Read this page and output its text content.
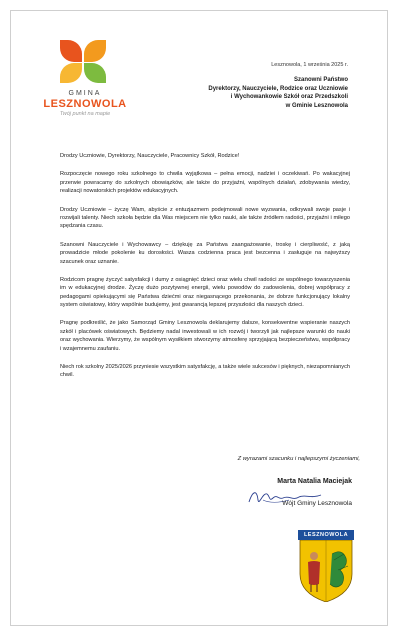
GMINA
LESZNOWOLA
Twój punkt na mapie
Lesznowola, 1 września 2025 r.
Szanowni Państwo
Dyrektorzy, Nauczyciele, Rodzice oraz Uczniowie
i Wychowankowie Szkół oraz Przedszkoli
w Gminie Lesznowola
Drodzy Uczniowie, Dyrektorzy, Nauczyciele, Pracownicy Szkół, Rodzice!

Rozpoczęcie nowego roku szkolnego to chwila wyjątkowa – pełna emocji, nadziei i oczekiwań. Po wakacyjnej przerwie powracamy do szkolnych obowiązków, ale także do przyjaźni, wspólnych działań, zdobywania wiedzy, realizacji nowatorskich projektów edukacyjnych.

Drodzy Uczniowie – życzę Wam, abyście z entuzjazmem podejmowali nowe wyzwania, odkrywali swoje pasje i rozwijali talenty. Niech szkoła będzie dla Was miejscem nie tylko nauki, ale także źródłem radości, przyjaźni i miłego spędzania czasu.

Szanowni Nauczyciele i Wychowawcy – dziękuję za Państwa zaangażowanie, troskę i cierpliwość, z jaką prowadzicie młode pokolenie ku dorosłości. Wasza codzienna praca jest bezcenna i zasługuje na najwyższy szacunek oraz uznanie.

Rodzicom pragnę życzyć satysfakcji i dumy z osiągnięć dzieci oraz wielu chwil radości ze wspólnego towarzyszenia im w edukacyjnej drodze. Życzę dużo pozytywnej energii, wielu powodów do zadowolenia, dobrej współpracy z pedagogami opiekującymi się Państwa dziećmi oraz niegasnącego przekonania, że dobrze funkcjonujący lokalny system oświatowy, który wspólnie budujemy, jest gwarancją lepszej przyszłości dla naszych dzieci.

Pragnę podkreślić, że jako Samorząd Gminy Lesznowola deklarujemy dalsze, konsekwentne wspieranie naszych szkół i placówek oświatowych. Będziemy nadal inwestowali w ich rozwój i tworzyli jak najlepsze warunki do nauki oraz wychowania. Wierzymy, że wspólnym wysiłkiem stworzymy atmosferę sprzyjającą bezpieczeństwu, współpracy i wzajemnemu zaufaniu.

Niech rok szkolny 2025/2026 przyniesie wszystkim satysfakcję, a także wiele sukcesów i pięknych, niezapomnianych chwil.

Z wyrazami szacunku i najlepszymi życzeniami,
Marta Natalia Maciejak
Wójt Gminy Lesznowola
LESZNOWOLA
